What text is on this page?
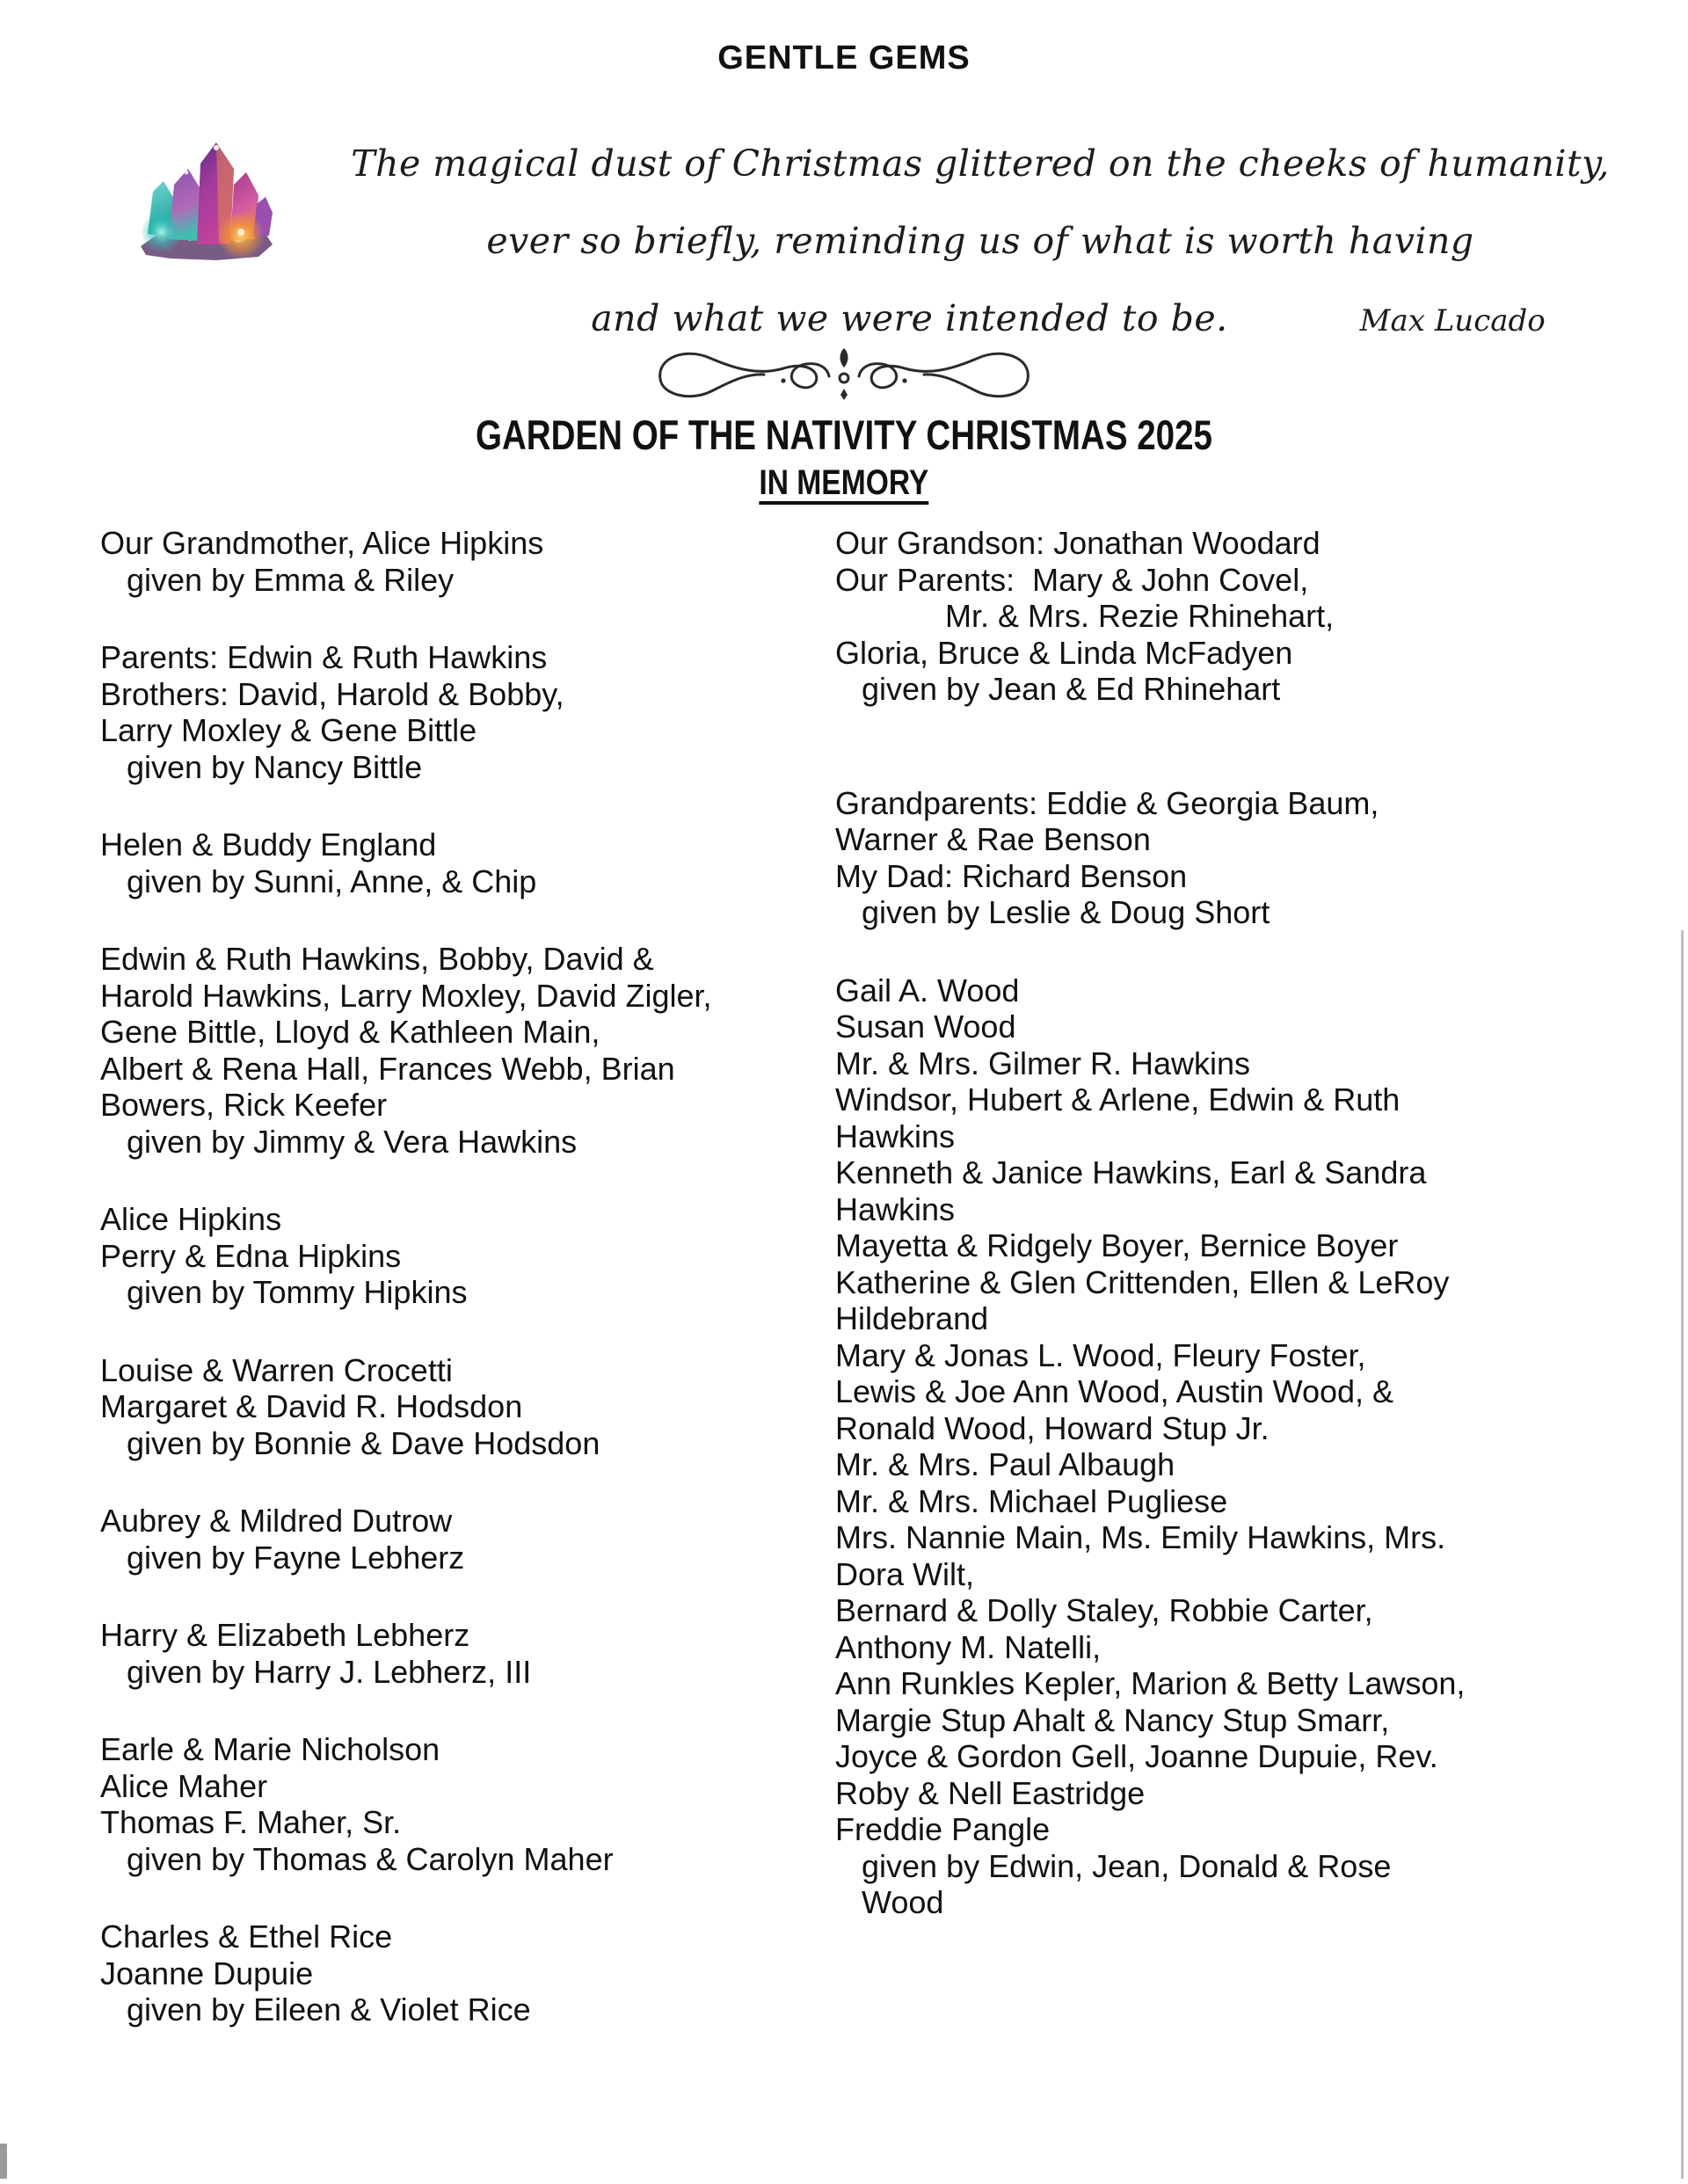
GENTLE GEMS
The magical dust of Christmas glittered on the cheeks of humanity,
ever so briefly, reminding us of what is worth having
and what we were intended to be.	Max Lucado
GARDEN OF THE NATIVITY CHRISTMAS 2025
IN MEMORY
Our Grandmother, Alice Hipkins
given by Emma & Riley
Parents: Edwin & Ruth Hawkins
Brothers: David, Harold & Bobby,
Larry Moxley & Gene Bittle
given by Nancy Bittle
Helen & Buddy England
given by Sunni, Anne, & Chip
Edwin & Ruth Hawkins, Bobby, David &
Harold Hawkins, Larry Moxley, David Zigler,
Gene Bittle, Lloyd & Kathleen Main,
Albert & Rena Hall, Frances Webb, Brian
Bowers, Rick Keefer
given by Jimmy & Vera Hawkins
Alice Hipkins
Perry & Edna Hipkins
given by Tommy Hipkins
Louise & Warren Crocetti
Margaret & David R. Hodsdon
given by Bonnie & Dave Hodsdon
Aubrey & Mildred Dutrow
given by Fayne Lebherz
Harry & Elizabeth Lebherz
given by Harry J. Lebherz, III
Earle & Marie Nicholson
Alice Maher
Thomas F. Maher, Sr.
given by Thomas & Carolyn Maher
Charles & Ethel Rice
Joanne Dupuie
given by Eileen & Violet Rice
Our Grandson: Jonathan Woodard
Our Parents:  Mary & John Covel,
Mr. & Mrs. Rezie Rhinehart,
Gloria, Bruce & Linda McFadyen
given by Jean & Ed Rhinehart
Grandparents: Eddie & Georgia Baum,
Warner & Rae Benson
My Dad: Richard Benson
given by Leslie & Doug Short
Gail A. Wood
Susan Wood
Mr. & Mrs. Gilmer R. Hawkins
Windsor, Hubert & Arlene, Edwin & Ruth
Hawkins
Kenneth & Janice Hawkins, Earl & Sandra
Hawkins
Mayetta & Ridgely Boyer, Bernice Boyer
Katherine & Glen Crittenden, Ellen & LeRoy
Hildebrand
Mary & Jonas L. Wood, Fleury Foster,
Lewis & Joe Ann Wood, Austin Wood, &
Ronald Wood, Howard Stup Jr.
Mr. & Mrs. Paul Albaugh
Mr. & Mrs. Michael Pugliese
Mrs. Nannie Main, Ms. Emily Hawkins, Mrs.
Dora Wilt,
Bernard & Dolly Staley, Robbie Carter,
Anthony M. Natelli,
Ann Runkles Kepler, Marion & Betty Lawson,
Margie Stup Ahalt & Nancy Stup Smarr,
Joyce & Gordon Gell, Joanne Dupuie, Rev.
Roby & Nell Eastridge
Freddie Pangle
given by Edwin, Jean, Donald & Rose
Wood
